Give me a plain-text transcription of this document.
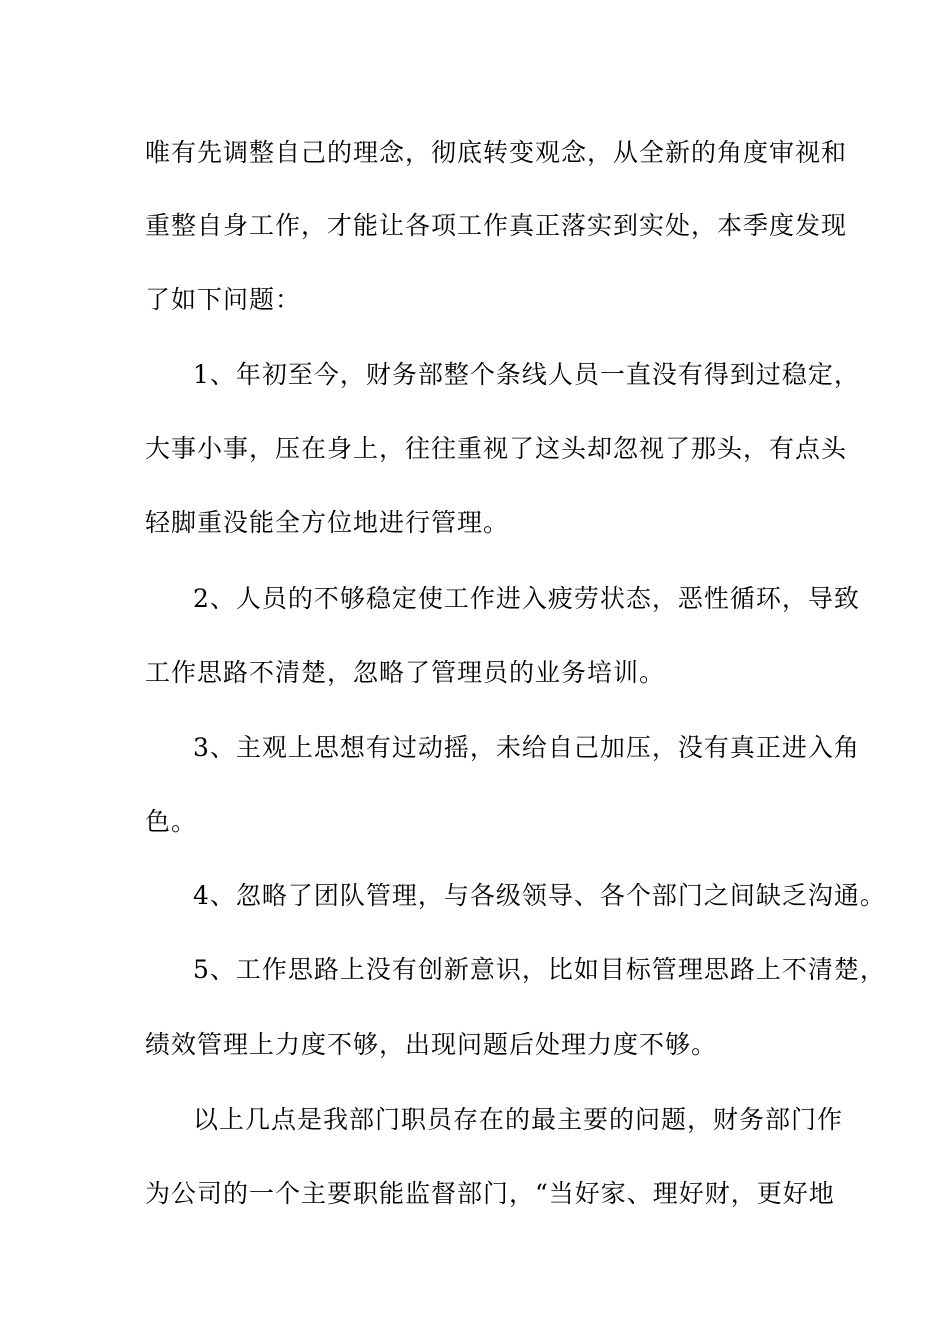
唯有先调整自己的理念，彻底转变观念，从全新的角度审视和
重整自身工作，才能让各项工作真正落实到实处，本季度发现
了如下问题：
1、年初至今，财务部整个条线人员一直没有得到过稳定，
大事小事，压在身上，往往重视了这头却忽视了那头，有点头
轻脚重没能全方位地进行管理。
2、人员的不够稳定使工作进入疲劳状态，恶性循环，导致
工作思路不清楚，忽略了管理员的业务培训。
3、主观上思想有过动摇，未给自己加压，没有真正进入角
色。
4、忽略了团队管理，与各级领导、各个部门之间缺乏沟通。
5、工作思路上没有创新意识，比如目标管理思路上不清楚，
绩效管理上力度不够，出现问题后处理力度不够。
以上几点是我部门职员存在的最主要的问题，财务部门作
为公司的一个主要职能监督部门，“当好家、理好财，更好地
